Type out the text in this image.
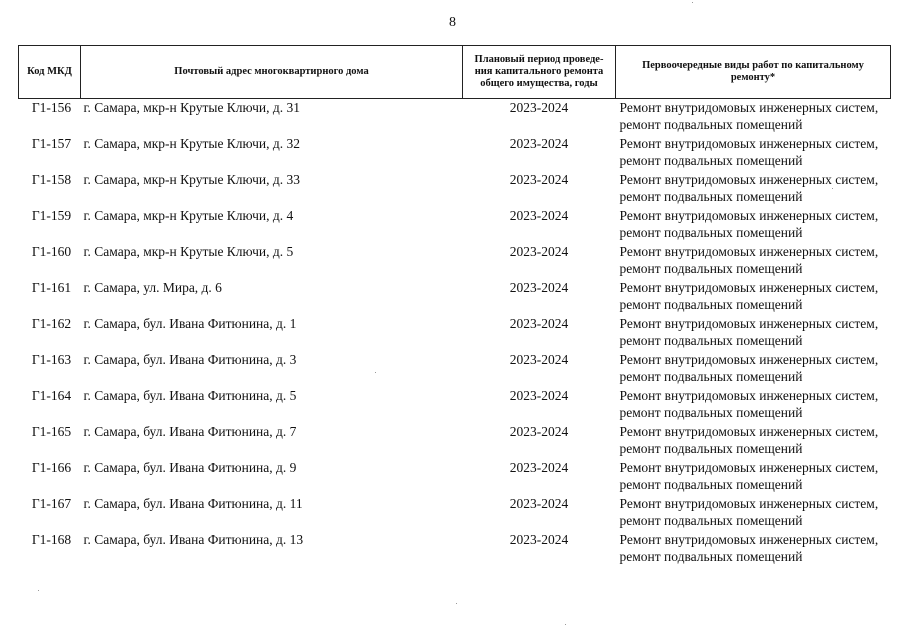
8
Код МКД	Почтовый адрес многоквартирного дома	Плановый период проведе-ния капитального ремонта общего имущества, годы	Первоочередные виды работ по капитальному ремонту*
Г1-156	г. Самара, мкр-н Крутые Ключи, д. 31	2023-2024	Ремонт внутридомовых инженерных систем,
ремонт подвальных помещений

Г1-157	г. Самара, мкр-н Крутые Ключи, д. 32	2023-2024	Ремонт внутридомовых инженерных систем,
ремонт подвальных помещений

Г1-158	г. Самара, мкр-н Крутые Ключи, д. 33	2023-2024	Ремонт внутридомовых инженерных систем,
ремонт подвальных помещений

Г1-159	г. Самара, мкр-н Крутые Ключи, д. 4	2023-2024	Ремонт внутридомовых инженерных систем,
ремонт подвальных помещений

Г1-160	г. Самара, мкр-н Крутые Ключи, д. 5	2023-2024	Ремонт внутридомовых инженерных систем,
ремонт подвальных помещений

Г1-161	г. Самара, ул. Мира, д. 6	2023-2024	Ремонт внутридомовых инженерных систем,
ремонт подвальных помещений

Г1-162	г. Самара, бул. Ивана Фитюнина, д. 1	2023-2024	Ремонт внутридомовых инженерных систем,
ремонт подвальных помещений

Г1-163	г. Самара, бул. Ивана Фитюнина, д. 3	2023-2024	Ремонт внутридомовых инженерных систем,
ремонт подвальных помещений

Г1-164	г. Самара, бул. Ивана Фитюнина, д. 5	2023-2024	Ремонт внутридомовых инженерных систем,
ремонт подвальных помещений

Г1-165	г. Самара, бул. Ивана Фитюнина, д. 7	2023-2024	Ремонт внутридомовых инженерных систем,
ремонт подвальных помещений

Г1-166	г. Самара, бул. Ивана Фитюнина, д. 9	2023-2024	Ремонт внутридомовых инженерных систем,
ремонт подвальных помещений

Г1-167	г. Самара, бул. Ивана Фитюнина, д. 11	2023-2024	Ремонт внутридомовых инженерных систем,
ремонт подвальных помещений

Г1-168	г. Самара, бул. Ивана Фитюнина, д. 13	2023-2024	Ремонт внутридомовых инженерных систем,
ремонт подвальных помещений
